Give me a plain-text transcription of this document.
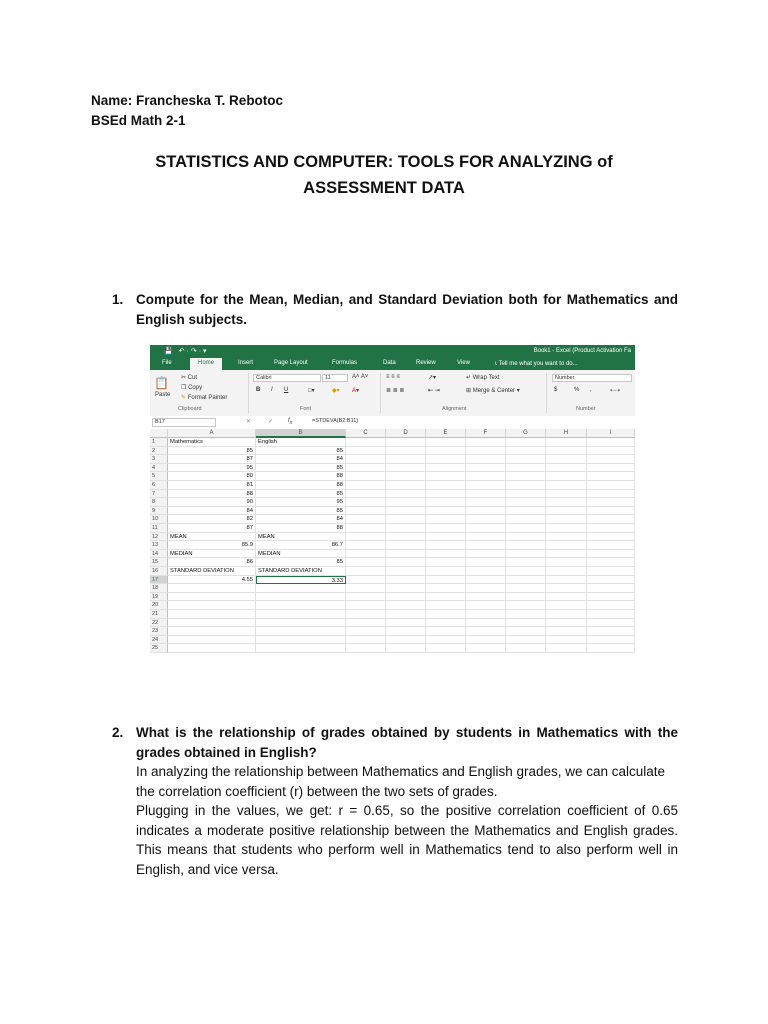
Name: Francheska T. Rebotoc
BSEd Math 2-1
STATISTICS AND COMPUTER: TOOLS FOR ANALYZING of
ASSESSMENT DATA
1. Compute for the Mean, Median, and Standard Deviation both for Mathematics and English subjects.
💾 ↶·↷·▾	Book1 - Excel (Product Activation Fa
File	Home	Insert	Page Layout	Formulas	Data	Review	View	⍳ Tell me what you want to do...
📋
Paste
✂ Cut
❐ Copy
✎ Format Painter
Clipboard
Calibri	11	A˄ A˅
B I U	□▾	◆▾ A▾
Font
≡ ≡ ≡	↗▾
≣ ≣ ≣	⇤ ⇥
↵ Wrap Text
⊞ Merge & Center ▾
Alignment
Number
$	% ,	⇠⇢
Number
B17	✕	✓ $f_x$	=STDEVA(B2:B11)
A	B	C	D	E	F	G	H	I
1	Mathematics	English
2	85	85
3	87	84
4	95	85
5	80	88
6	81	88
7	88	85
8	90	95
9	84	85
10	82	84
11	87	88
12	MEAN	MEAN
13	85.9	86.7
14	MEDIAN	MEDIAN
15	86	85
16	STANDARD DEVIATION	STANDARD DEVIATION
17	4.55	3.33
18
19
20
21
22
23
24
25
2. What is the relationship of grades obtained by students in Mathematics with the grades obtained in English?

In analyzing the relationship between Mathematics and English grades, we can calculate the correlation coefficient (r) between the two sets of grades.

Plugging in the values, we get: r = 0.65, so the positive correlation coefficient of 0.65 indicates a moderate positive relationship between the Mathematics and English grades. This means that students who perform well in Mathematics tend to also perform well in English, and vice versa.
